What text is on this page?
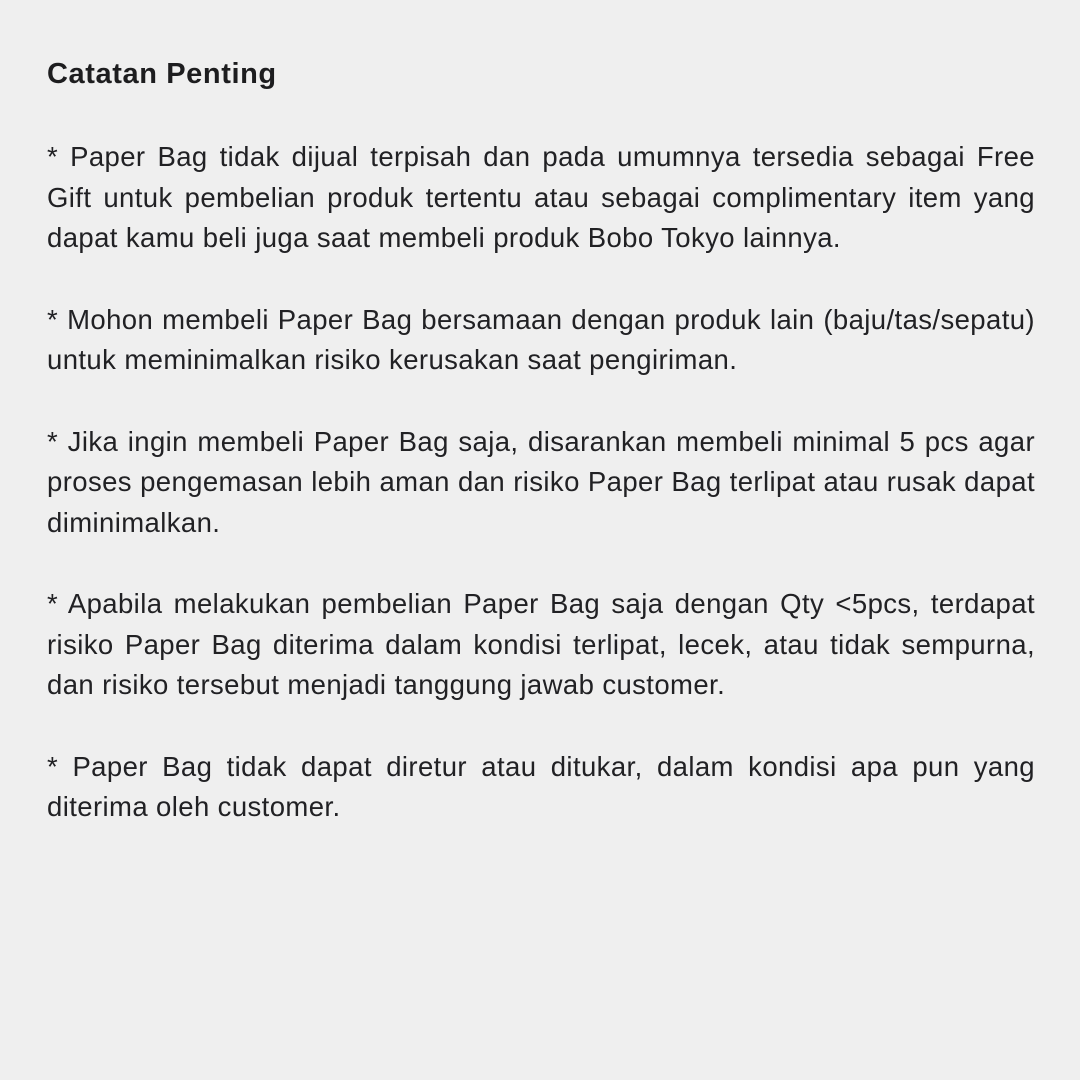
Catatan Penting

* Paper Bag tidak dijual terpisah dan pada umumnya tersedia sebagai Free Gift untuk pembelian produk tertentu atau sebagai complimentary item yang dapat kamu beli juga saat membeli produk Bobo Tokyo lainnya.

* Mohon membeli Paper Bag bersamaan dengan produk lain (baju/tas/sepatu) untuk meminimalkan risiko kerusakan saat pengiriman.

* Jika ingin membeli Paper Bag saja, disarankan membeli minimal 5 pcs agar proses pengemasan lebih aman dan risiko Paper Bag terlipat atau rusak dapat diminimalkan.

* Apabila melakukan pembelian Paper Bag saja dengan Qty <5pcs, terdapat risiko Paper Bag diterima dalam kondisi terlipat, lecek, atau tidak sempurna, dan risiko tersebut menjadi tanggung jawab customer.

* Paper Bag tidak dapat diretur atau ditukar, dalam kondisi apa pun yang diterima oleh customer.
